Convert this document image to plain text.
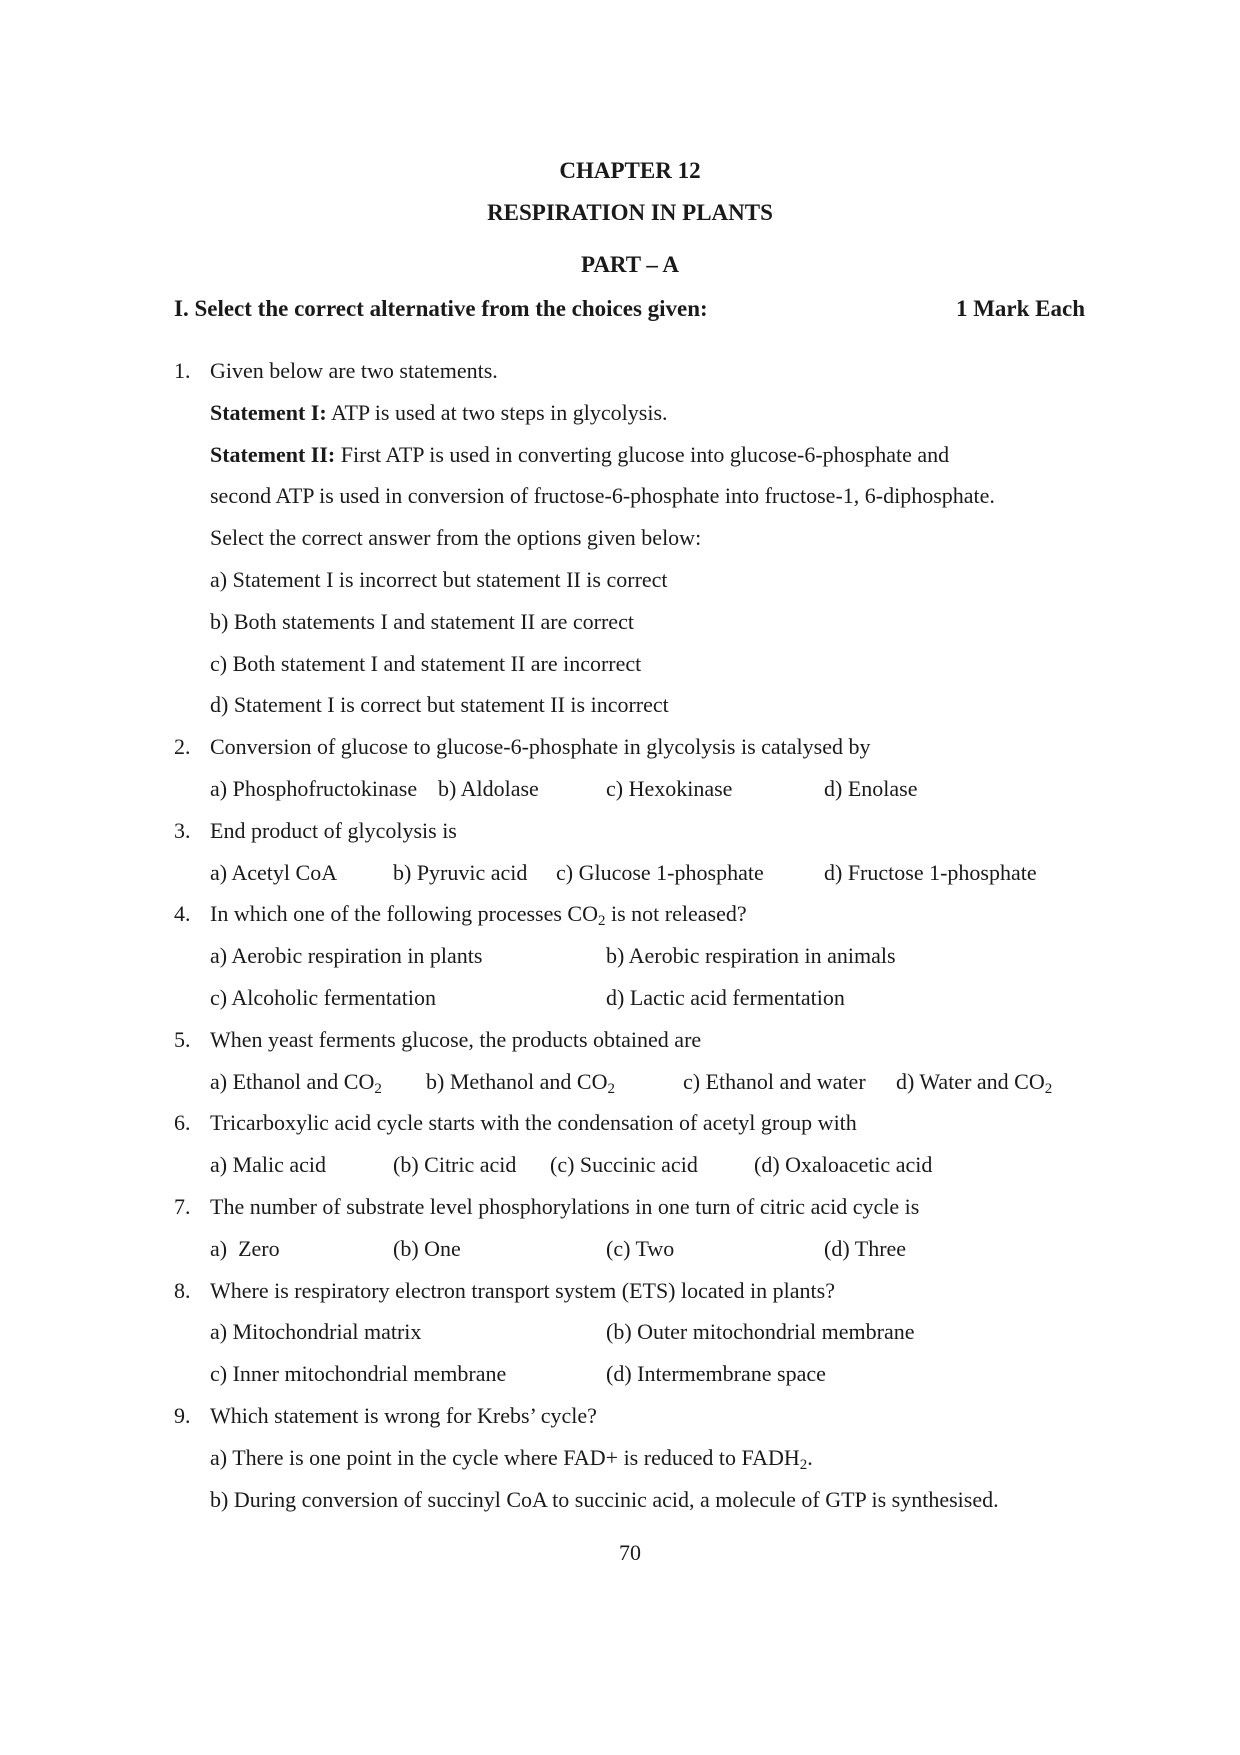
CHAPTER 12
RESPIRATION IN PLANTS
PART – A
I. Select the correct alternative from the choices given:	1 Mark Each
1. Given below are two statements.
Statement I: ATP is used at two steps in glycolysis.
Statement II: First ATP is used in converting glucose into glucose-6-phosphate and
second ATP is used in conversion of fructose-6-phosphate into fructose-1, 6-diphosphate.
Select the correct answer from the options given below:
a) Statement I is incorrect but statement II is correct
b) Both statements I and statement II are correct
c) Both statement I and statement II are incorrect
d) Statement I is correct but statement II is incorrect
2. Conversion of glucose to glucose-6-phosphate in glycolysis is catalysed by
a) Phosphofructokinase b) Aldolase	c) Hexokinase	d) Enolase
3. End product of glycolysis is
a) Acetyl CoA	b) Pyruvic acid c) Glucose 1-phosphate	d) Fructose 1-phosphate
4. In which one of the following processes $CO_2$ is not released?
a) Aerobic respiration in plants	b) Aerobic respiration in animals
c) Alcoholic fermentation	d) Lactic acid fermentation
5. When yeast ferments glucose, the products obtained are
a) Ethanol and $CO_2$ b) Methanol and $CO_2$	c) Ethanol and water d) Water and $CO_2$
6. Tricarboxylic acid cycle starts with the condensation of acetyl group with
a) Malic acid	(b) Citric acid (c) Succinic acid	(d) Oxaloacetic acid
7. The number of substrate level phosphorylations in one turn of citric acid cycle is
a)  Zero	(b) One	(c) Two	(d) Three
8. Where is respiratory electron transport system (ETS) located in plants?
a) Mitochondrial matrix	(b) Outer mitochondrial membrane
c) Inner mitochondrial membrane	(d) Intermembrane space
9. Which statement is wrong for Krebs’ cycle?
a) There is one point in the cycle where FAD+ is reduced to $FADH_2$.
b) During conversion of succinyl CoA to succinic acid, a molecule of GTP is synthesised.
70
